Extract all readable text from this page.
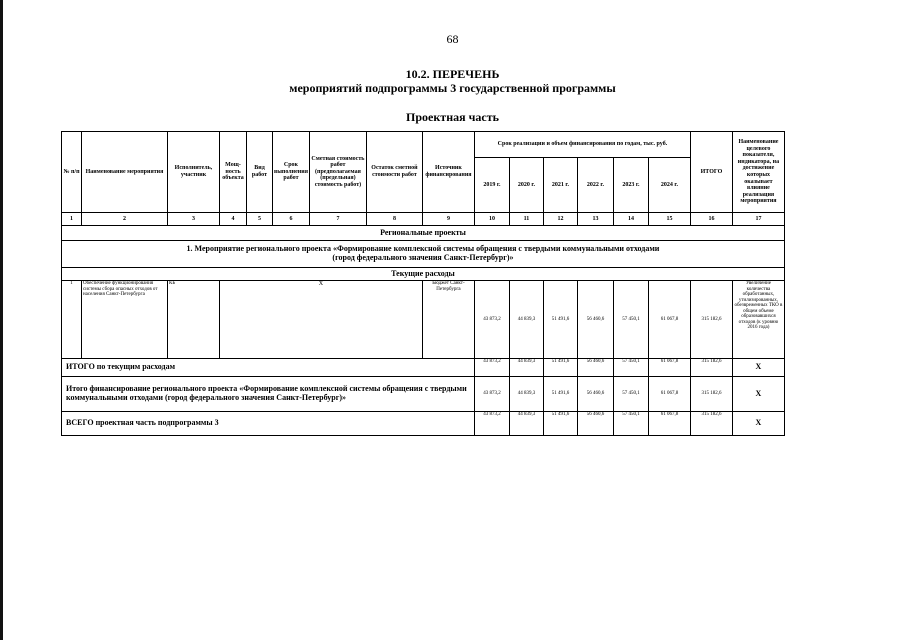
68
10.2. ПЕРЕЧЕНЬ
мероприятий подпрограммы 3 государственной программы
Проектная часть
№ п/п	Наименование мероприятия	Исполнитель, участник	Мощ-ность объекта	Вид работ	Срок выполнения работ	Сметная стоимость работ (предполагаемая (предельная) стоимость работ)	Остаток сметной стоимости работ	Источник финансирования	Срок реализации и объем финансирования по годам, тыс. руб.						ИТОГО	Наименование целевого показателя, индикатора, на достижение которых оказывает влияние реализация мероприятия
									2019 г.	2020 г.	2021 г.	2022 г.	2023 г.	2024 г.		
1	2	3	4	5	6	7	8	9	10	11	12	13	14	15	16	17
Региональные проекты																

1. Мероприятие регионального проекта «Формирование комплексной системы обращения с твердыми коммунальными отходами
(город федерального значения Санкт-Петербург)»																

Текущие расходы																
1	Обеспечение функционирования системы сбора опасных отходов от населения Санкт-Петербурга	КБ	X					Бюджет Санкт-Петербурга	43 873,2	44 839,3	51 491,6	56 460,6	57 450,1	61 067,8	315 182,6	Увеличение количества обработанных, утилизированных, обезвреженных ТКО в общем объеме образовавшихся отходов (к уровню 2016 года)
ИТОГО по текущим расходам									43 873,2	44 839,3	51 491,6	56 460,6	57 450,1	61 067,8	315 182,6	X
Итого финансирование регионального проекта «Формирование комплексной системы обращения с твердыми коммунальными отходами (город федерального значения Санкт-Петербург)»									43 873,2	44 839,3	51 491,6	56 460,6	57 450,1	61 067,8	315 182,6	X
ВСЕГО проектная часть подпрограммы 3									43 873,2	44 839,3	51 491,6	56 460,6	57 450,1	61 067,8	315 182,6	X
